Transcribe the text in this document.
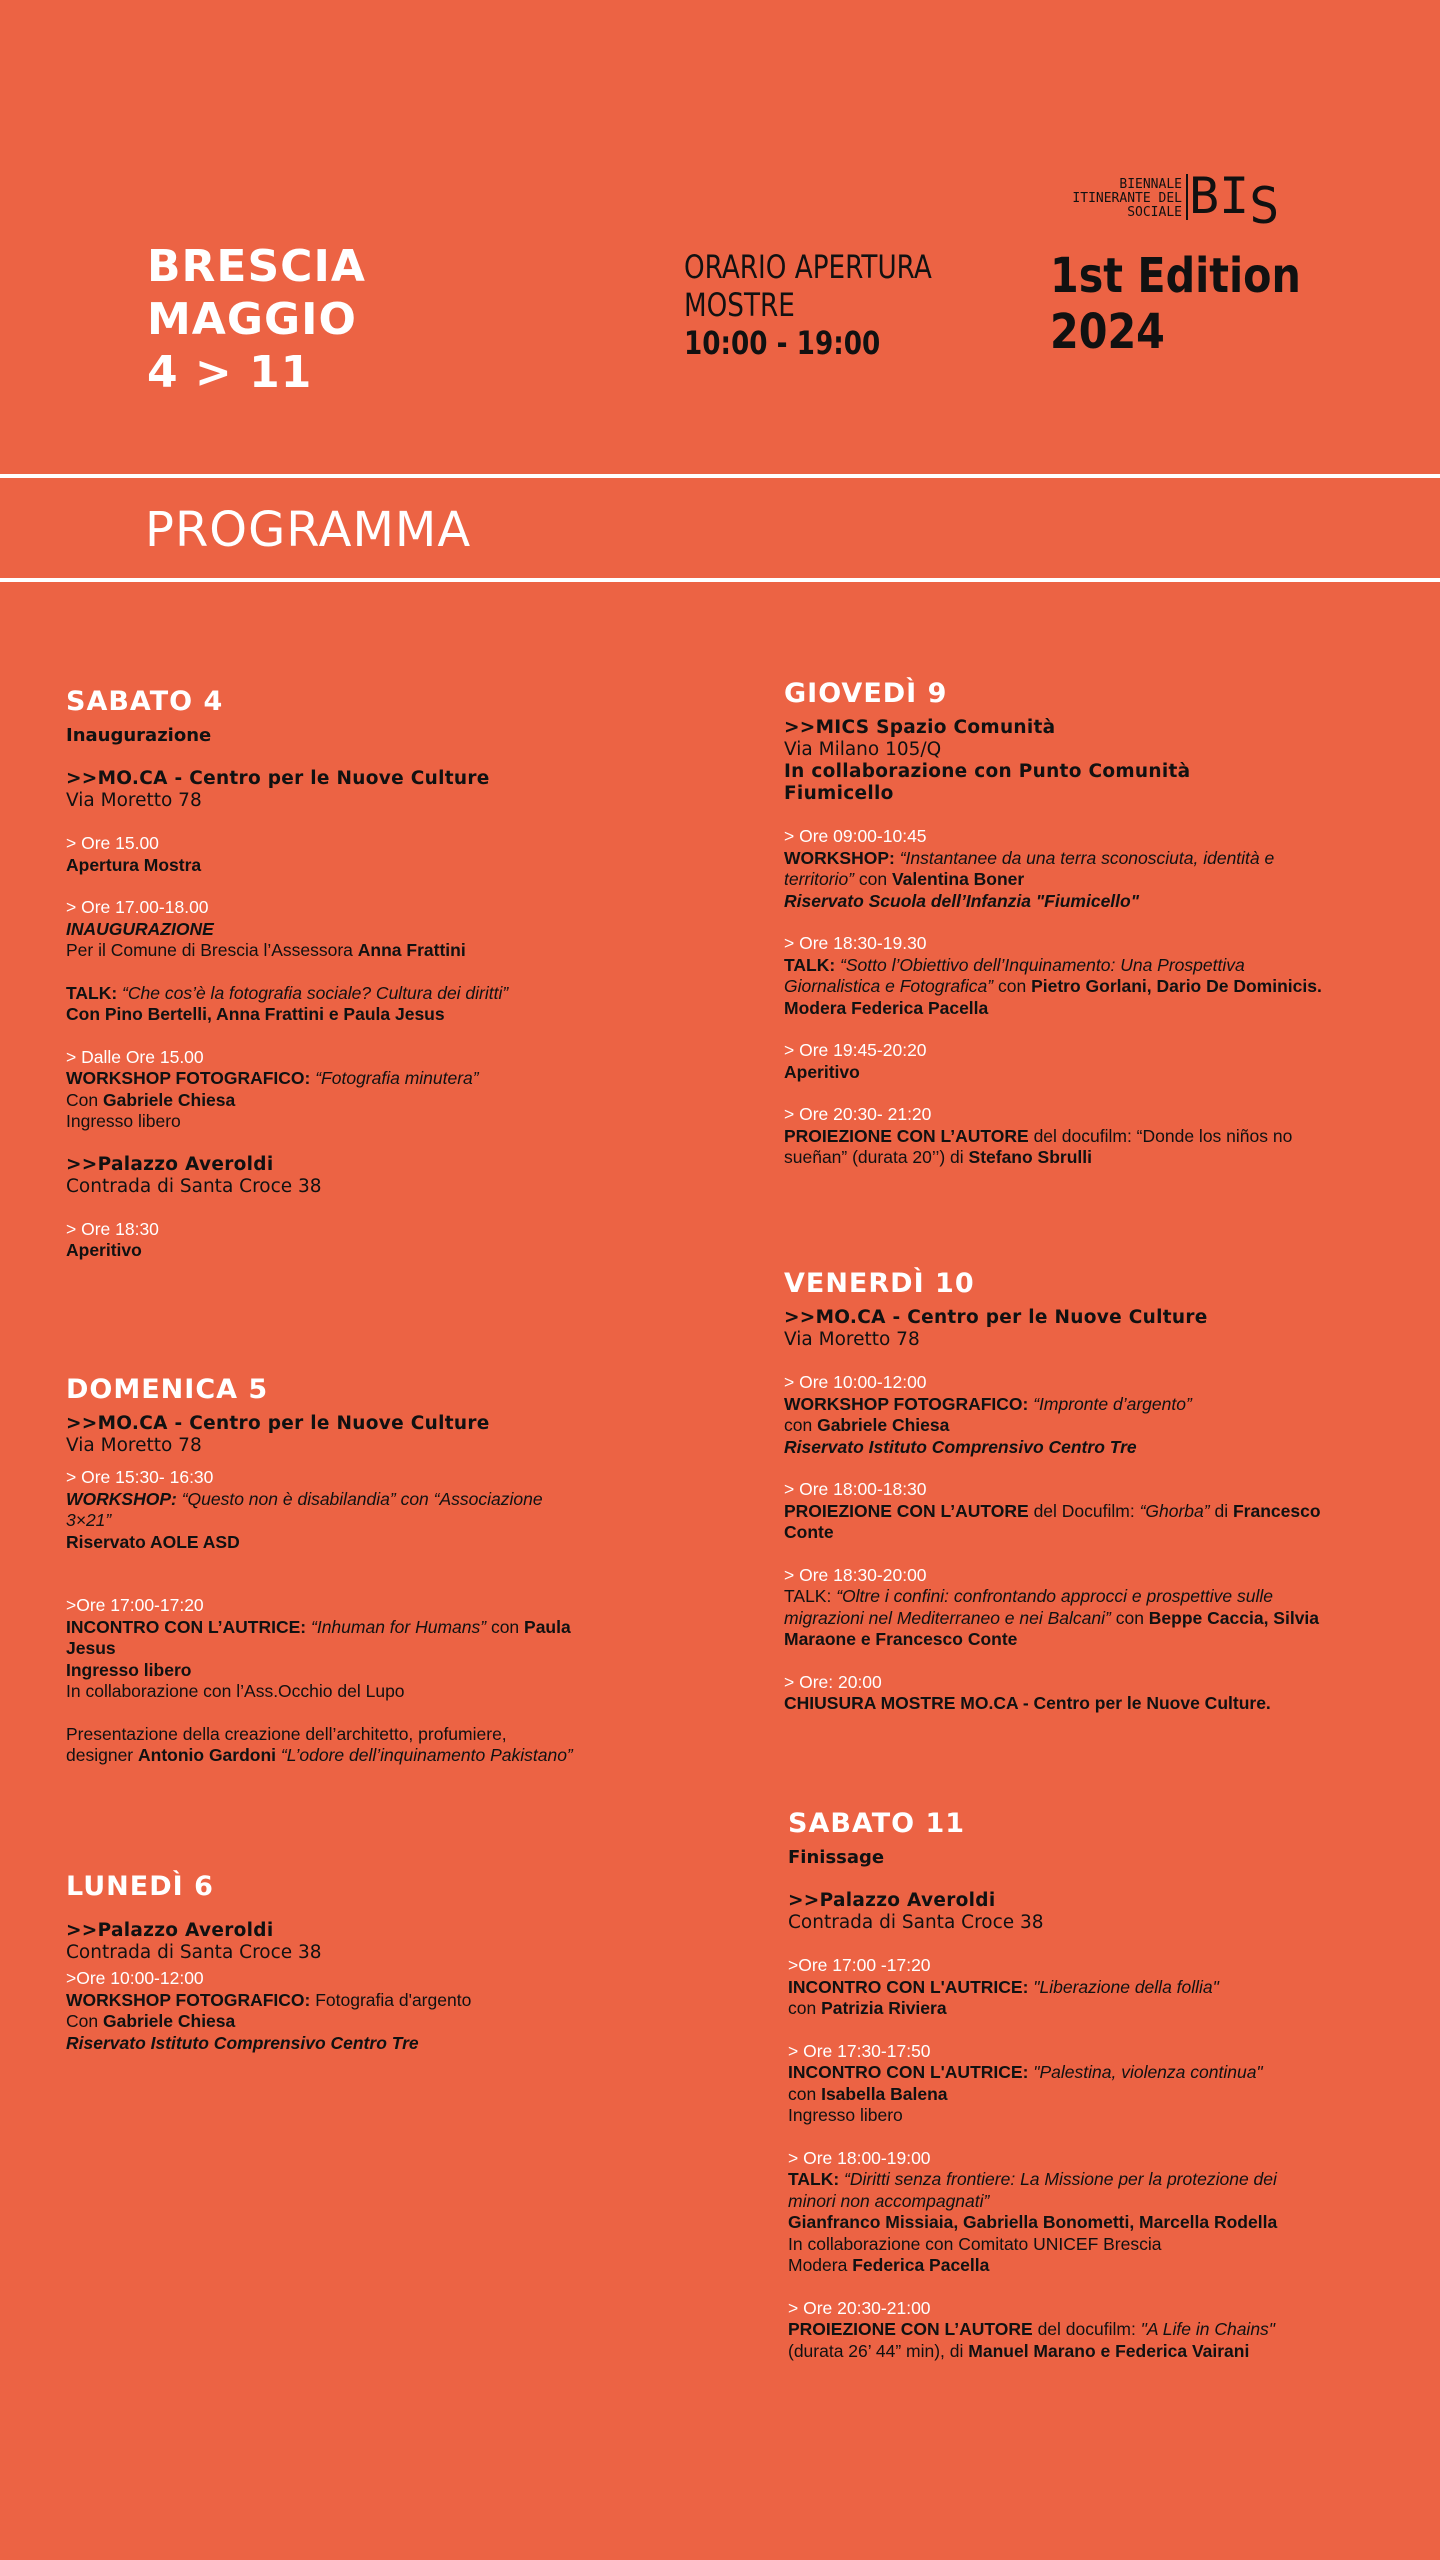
BRESCIA
MAGGIO
4 > 11
ORARIO APERTURA
MOSTRE
10:00 - 19:00
BIENNALE
ITINERANTE DEL
SOCIALE BIS
1st Edition
2024
PROGRAMMA
SABATO 4
Inaugurazione
>>MO.CA - Centro per le Nuove Culture
Via Moretto 78
> Ore 15.00
Apertura Mostra
> Ore 17.00-18.00
INAUGURAZIONE
Per il Comune di Brescia l’Assessora Anna Frattini
TALK: “Che cos’è la fotografia sociale? Cultura dei diritti”
Con Pino Bertelli, Anna Frattini e Paula Jesus
> Dalle Ore 15.00
WORKSHOP FOTOGRAFICO: “Fotografia minutera”
Con Gabriele Chiesa
Ingresso libero
>>Palazzo Averoldi
Contrada di Santa Croce 38
> Ore 18:30
Aperitivo
DOMENICA 5
>>MO.CA - Centro per le Nuove Culture
Via Moretto 78
> Ore 15:30- 16:30
WORKSHOP: “Questo non è disabilandia” con “Associazione
3×21”
Riservato AOLE ASD
>Ore 17:00-17:20
INCONTRO CON L’AUTRICE: “Inhuman for Humans” con Paula
Jesus
Ingresso libero
In collaborazione con l’Ass.Occhio del Lupo
Presentazione della creazione dell’architetto, profumiere,
designer Antonio Gardoni “L’odore dell’inquinamento Pakistano”
LUNEDÌ 6
>>Palazzo Averoldi
Contrada di Santa Croce 38
>Ore 10:00-12:00
WORKSHOP FOTOGRAFICO: Fotografia d'argento
Con Gabriele Chiesa
Riservato Istituto Comprensivo Centro Tre
GIOVEDÌ 9
>>MICS Spazio Comunità
Via Milano 105/Q
In collaborazione con Punto Comunità
Fiumicello
> Ore 09:00-10:45
WORKSHOP: “Instantanee da una terra sconosciuta, identità e
territorio” con Valentina Boner
Riservato Scuola dell’Infanzia "Fiumicello"
> Ore 18:30-19.30
TALK: “Sotto l’Obiettivo dell’Inquinamento: Una Prospettiva
Giornalistica e Fotografica” con Pietro Gorlani, Dario De Dominicis.
Modera Federica Pacella
> Ore 19:45-20:20
Aperitivo
> Ore 20:30- 21:20
PROIEZIONE CON L’AUTORE del docufilm: “Donde los niños no
sueñan” (durata 20’’) di Stefano Sbrulli
VENERDÌ 10
>>MO.CA - Centro per le Nuove Culture
Via Moretto 78
> Ore 10:00-12:00
WORKSHOP FOTOGRAFICO: “Impronte d’argento”
con Gabriele Chiesa
Riservato Istituto Comprensivo Centro Tre
> Ore 18:00-18:30
PROIEZIONE CON L’AUTORE del Docufilm: “Ghorba” di Francesco
Conte
> Ore 18:30-20:00
TALK: “Oltre i confini: confrontando approcci e prospettive sulle
migrazioni nel Mediterraneo e nei Balcani” con Beppe Caccia, Silvia
Maraone e Francesco Conte
> Ore: 20:00
CHIUSURA MOSTRE MO.CA - Centro per le Nuove Culture.
SABATO 11
Finissage
>>Palazzo Averoldi
Contrada di Santa Croce 38
>Ore 17:00 -17:20
INCONTRO CON L'AUTRICE: "Liberazione della follia"
con Patrizia Riviera
> Ore 17:30-17:50
INCONTRO CON L'AUTRICE: "Palestina, violenza continua"
con Isabella Balena
Ingresso libero
> Ore 18:00-19:00
TALK: “Diritti senza frontiere: La Missione per la protezione dei
minori non accompagnati”
Gianfranco Missiaia, Gabriella Bonometti, Marcella Rodella
In collaborazione con Comitato UNICEF Brescia
Modera Federica Pacella
> Ore 20:30-21:00
PROIEZIONE CON L’AUTORE del docufilm: "A Life in Chains"
(durata 26’ 44” min), di Manuel Marano e Federica Vairani
